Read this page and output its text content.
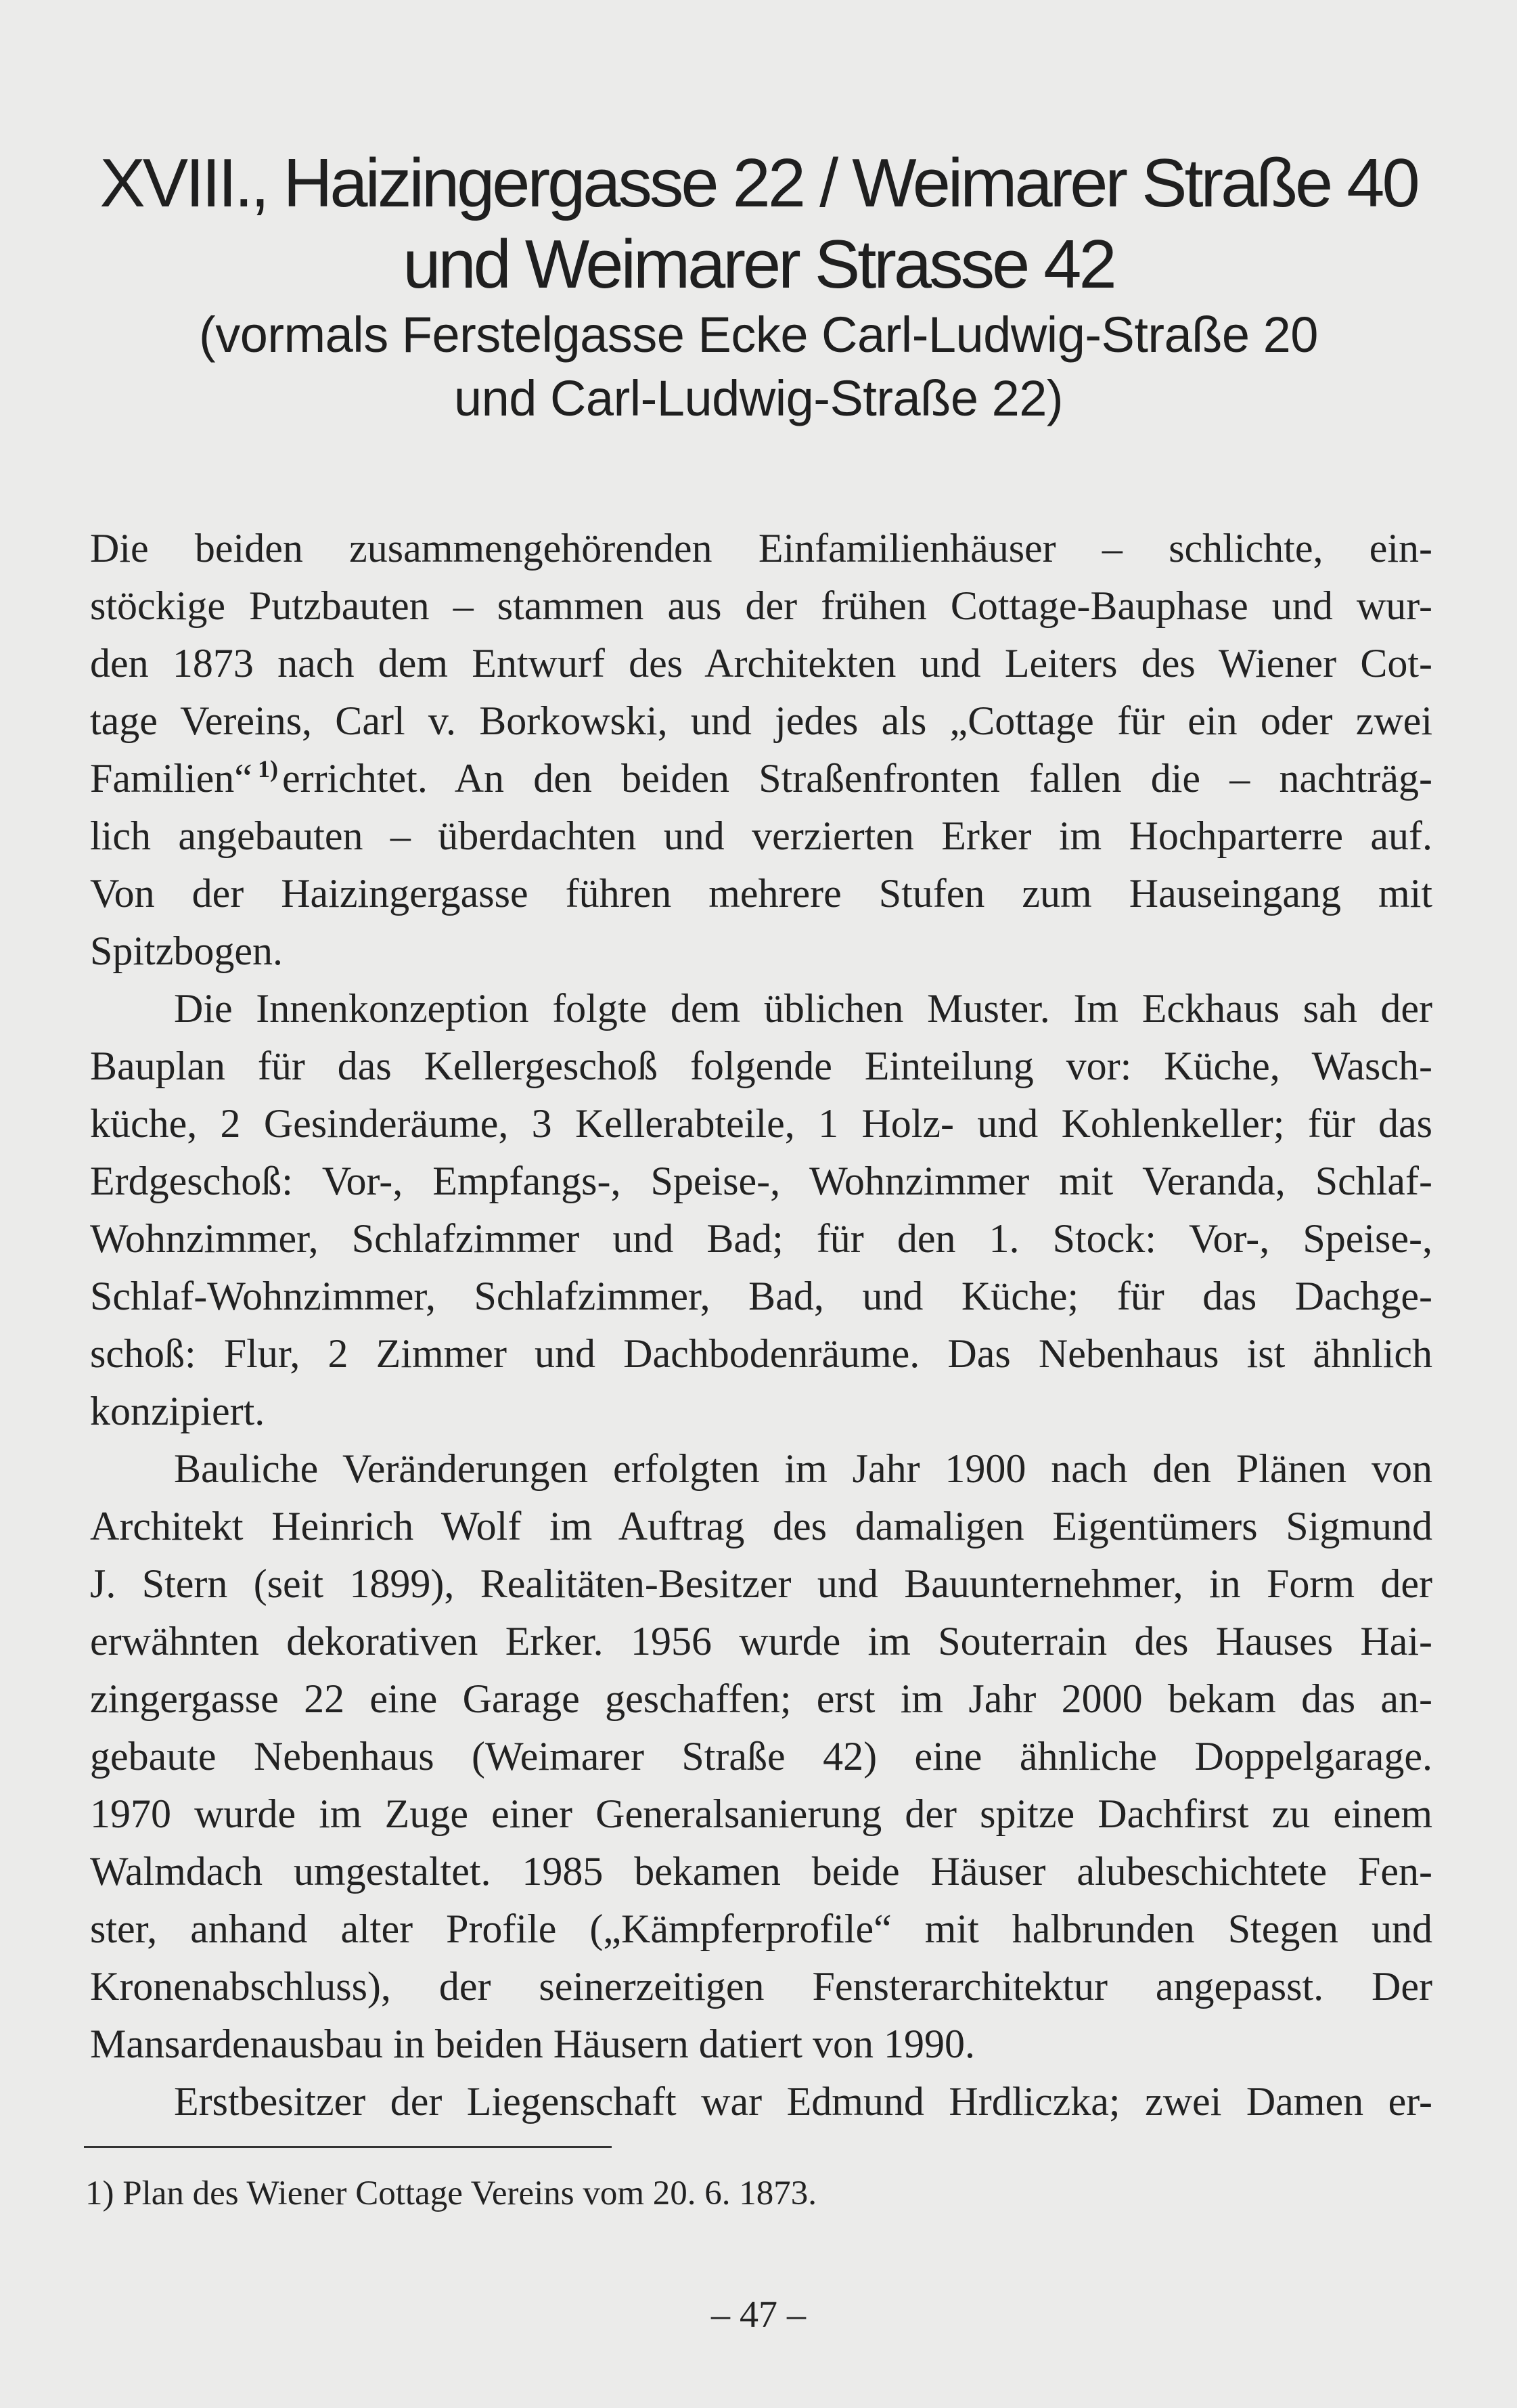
XVIII., Haizingergasse 22 / Weimarer Straße 40
und Weimarer Strasse 42
(vormals Ferstelgasse Ecke Carl-Ludwig-Straße 20
und Carl-Ludwig-Straße 22)

Die beiden zusammengehörenden Einfamilienhäuser – schlichte, ein-

stöckige Putzbauten – stammen aus der frühen Cottage-Bauphase und wur-

den 1873 nach dem Entwurf des Architekten und Leiters des Wiener Cot-

tage Vereins, Carl v. Borkowski, und jedes als „Cottage für ein oder zwei

Familien“ $^{1)}$ errichtet. An den beiden Straßenfronten fallen die – nachträg-

lich angebauten – überdachten und verzierten Erker im Hochparterre auf.

Von der Haizingergasse führen mehrere Stufen zum Hauseingang mit

Spitzbogen.

Die Innenkonzeption folgte dem üblichen Muster. Im Eckhaus sah der

Bauplan für das Kellergeschoß folgende Einteilung vor: Küche, Wasch-

küche, 2 Gesinderäume, 3 Kellerabteile, 1 Holz- und Kohlenkeller; für das

Erdgeschoß: Vor-, Empfangs-, Speise-, Wohnzimmer mit Veranda, Schlaf-

Wohnzimmer, Schlafzimmer und Bad; für den 1. Stock: Vor-, Speise-,

Schlaf-Wohnzimmer, Schlafzimmer, Bad, und Küche; für das Dachge-

schoß: Flur, 2 Zimmer und Dachbodenräume. Das Nebenhaus ist ähnlich

konzipiert.

Bauliche Veränderungen erfolgten im Jahr 1900 nach den Plänen von

Architekt Heinrich Wolf im Auftrag des damaligen Eigentümers Sigmund

J. Stern (seit 1899), Realitäten-Besitzer und Bauunternehmer, in Form der

erwähnten dekorativen Erker. 1956 wurde im Souterrain des Hauses Hai-

zingergasse 22 eine Garage geschaffen; erst im Jahr 2000 bekam das an-

gebaute Nebenhaus (Weimarer Straße 42) eine ähnliche Doppelgarage.

1970 wurde im Zuge einer Generalsanierung der spitze Dachfirst zu einem

Walmdach umgestaltet. 1985 bekamen beide Häuser alubeschichtete Fen-

ster, anhand alter Profile („Kämpferprofile“ mit halbrunden Stegen und

Kronenabschluss), der seinerzeitigen Fensterarchitektur angepasst. Der

Mansardenausbau in beiden Häusern datiert von 1990.

Erstbesitzer der Liegenschaft war Edmund Hrdliczka; zwei Damen er-

1) Plan des Wiener Cottage Vereins vom 20. 6. 1873.
– 47 –
